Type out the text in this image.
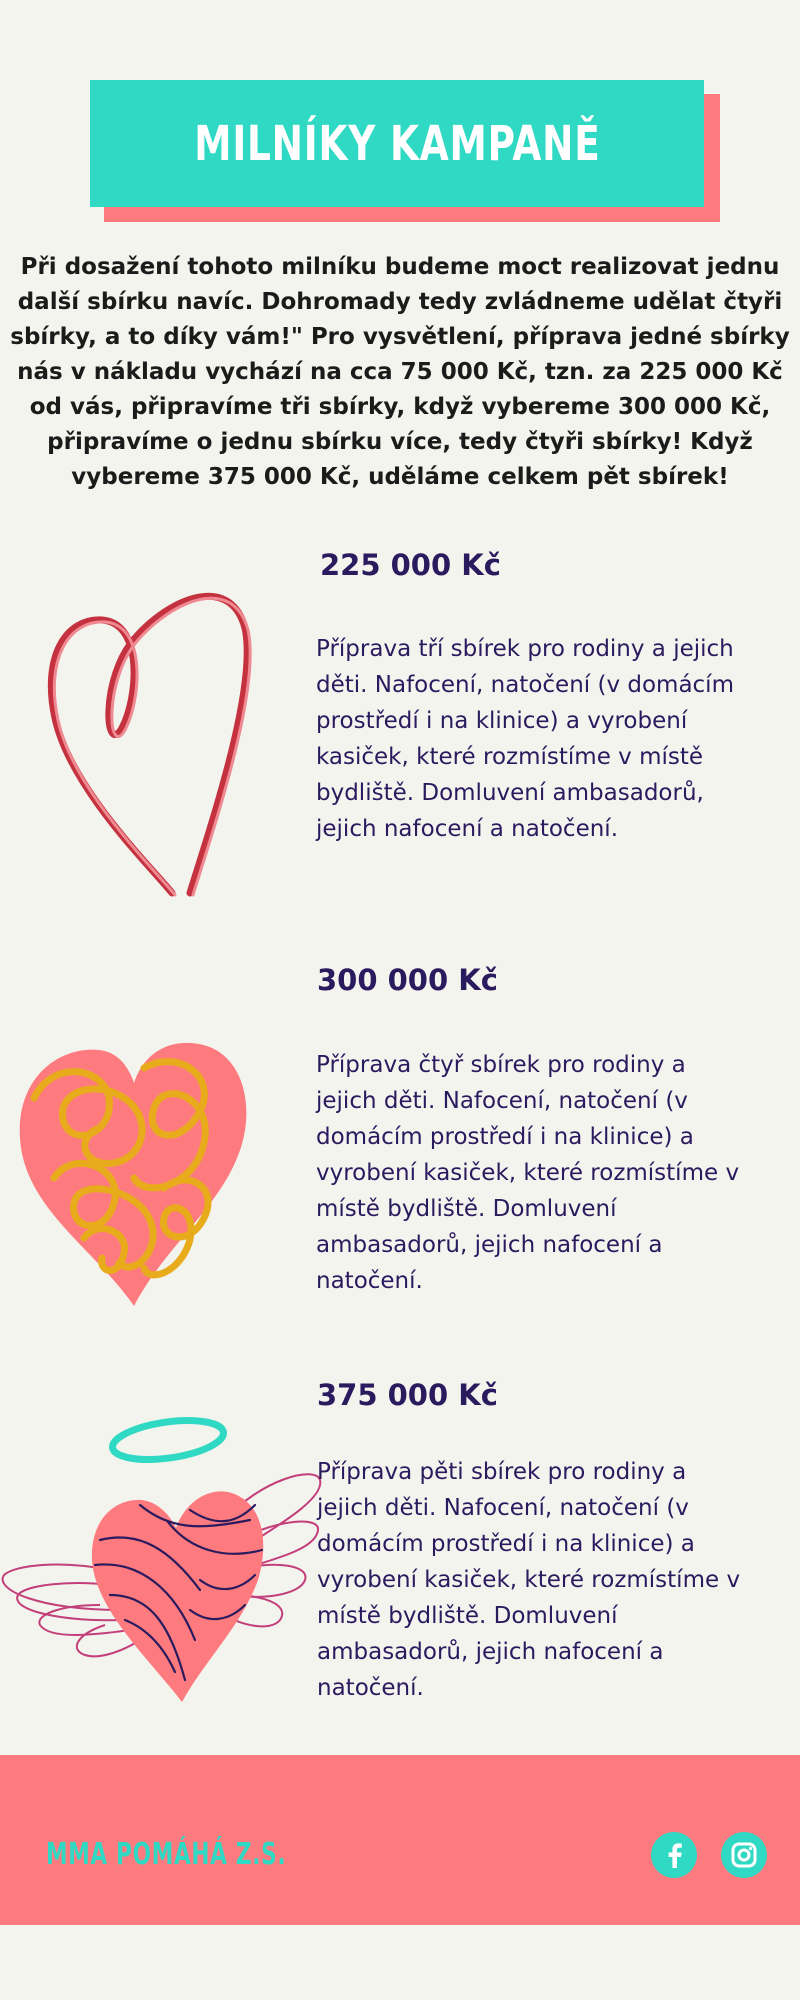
MILNÍKY KAMPANĚ
Při dosažení tohoto milníku budeme moct realizovat jednu další sbírku navíc. Dohromady tedy zvládneme udělat čtyři sbírky, a to díky vám!" Pro vysvětlení, příprava jedné sbírky nás v nákladu vychází na cca 75 000 Kč, tzn. za 225 000 Kč od vás, připravíme tři sbírky, když vybereme 300 000 Kč, připravíme o jednu sbírku více, tedy čtyři sbírky! Když vybereme 375 000 Kč, uděláme celkem pět sbírek!
225 000 Kč
Příprava tří sbírek pro rodiny a jejich děti. Nafocení, natočení (v domácím prostředí i na klinice) a vyrobení kasiček, které rozmístíme v místě bydliště. Domluvení ambasadorů, jejich nafocení a natočení.
300 000 Kč
Příprava čtyř sbírek pro rodiny a jejich děti. Nafocení, natočení (v domácím prostředí i na klinice) a vyrobení kasiček, které rozmístíme v místě bydliště. Domluvení ambasadorů, jejich nafocení a natočení.
375 000 Kč
Příprava pěti sbírek pro rodiny a jejich děti. Nafocení, natočení (v domácím prostředí i na klinice) a vyrobení kasiček, které rozmístíme v místě bydliště. Domluvení ambasadorů, jejich nafocení a natočení.
MMA POMÁHÁ Z.S.
